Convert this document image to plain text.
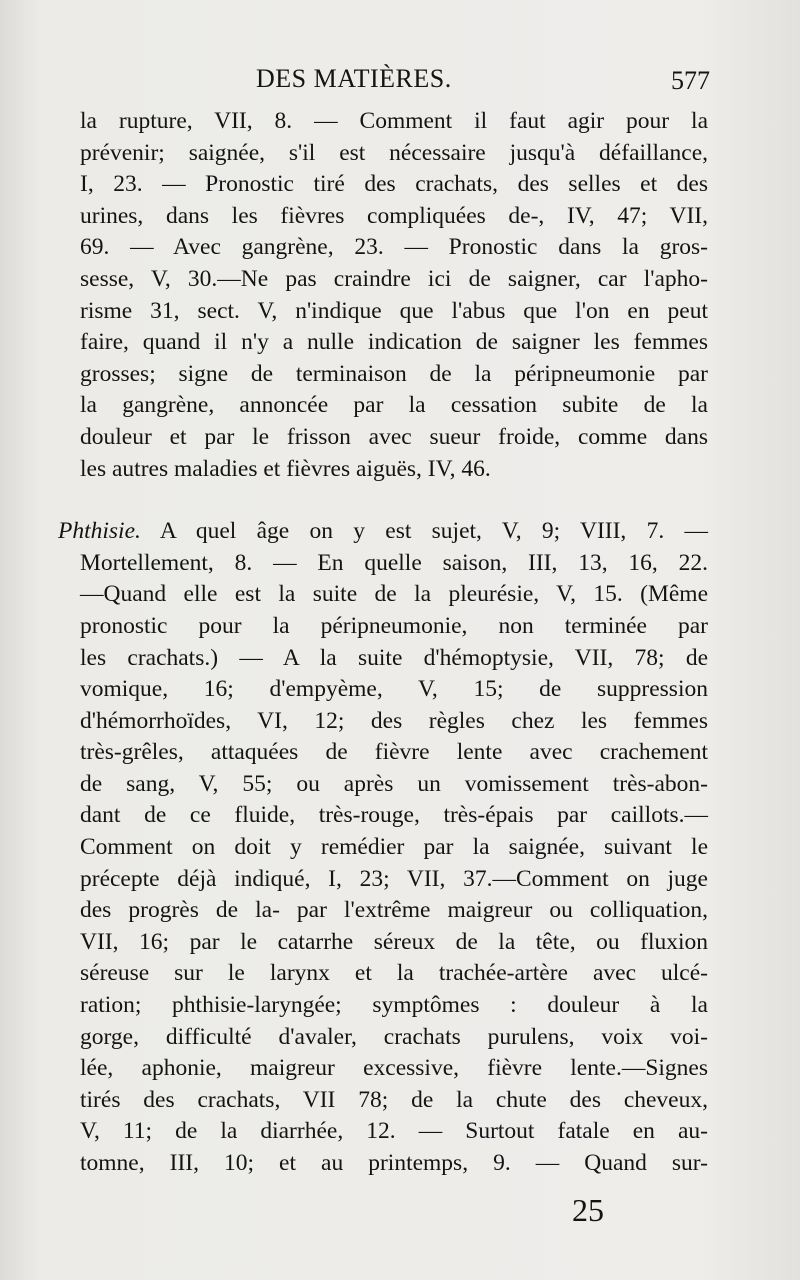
DES MATIÈRES.	577
la rupture, VII, 8. — Comment il faut agir pour la
prévenir; saignée, s'il est nécessaire jusqu'à défaillance,
I, 23. — Pronostic tiré des crachats, des selles et des
urines, dans les fièvres compliquées de-, IV, 47; VII,
69. — Avec gangrène, 23. — Pronostic dans la gros-
sesse, V, 30.—Ne pas craindre ici de saigner, car l'apho-
risme 31, sect. V, n'indique que l'abus que l'on en peut
faire, quand il n'y a nulle indication de saigner les femmes
grosses; signe de terminaison de la péripneumonie par
la gangrène, annoncée par la cessation subite de la
douleur et par le frisson avec sueur froide, comme dans
les autres maladies et fièvres aiguës, IV, 46.
Phthisie. A quel âge on y est sujet, V, 9; VIII, 7. —
Mortellement, 8. — En quelle saison, III, 13, 16, 22.
—Quand elle est la suite de la pleurésie, V, 15. (Même
pronostic pour la péripneumonie, non terminée par
les crachats.) — A la suite d'hémoptysie, VII, 78; de
vomique, 16; d'empyème, V, 15; de suppression
d'hémorrhoïdes, VI, 12; des règles chez les femmes
très-grêles, attaquées de fièvre lente avec crachement
de sang, V, 55; ou après un vomissement très-abon-
dant de ce fluide, très-rouge, très-épais par caillots.—
Comment on doit y remédier par la saignée, suivant le
précepte déjà indiqué, I, 23; VII, 37.—Comment on juge
des progrès de la- par l'extrême maigreur ou colliquation,
VII, 16; par le catarrhe séreux de la tête, ou fluxion
séreuse sur le larynx et la trachée-artère avec ulcé-
ration; phthisie-laryngée; symptômes : douleur à la
gorge, difficulté d'avaler, crachats purulens, voix voi-
lée, aphonie, maigreur excessive, fièvre lente.—Signes
tirés des crachats, VII 78; de la chute des cheveux,
V, 11; de la diarrhée, 12. — Surtout fatale en au-
tomne, III, 10; et au printemps, 9. — Quand sur-
25
